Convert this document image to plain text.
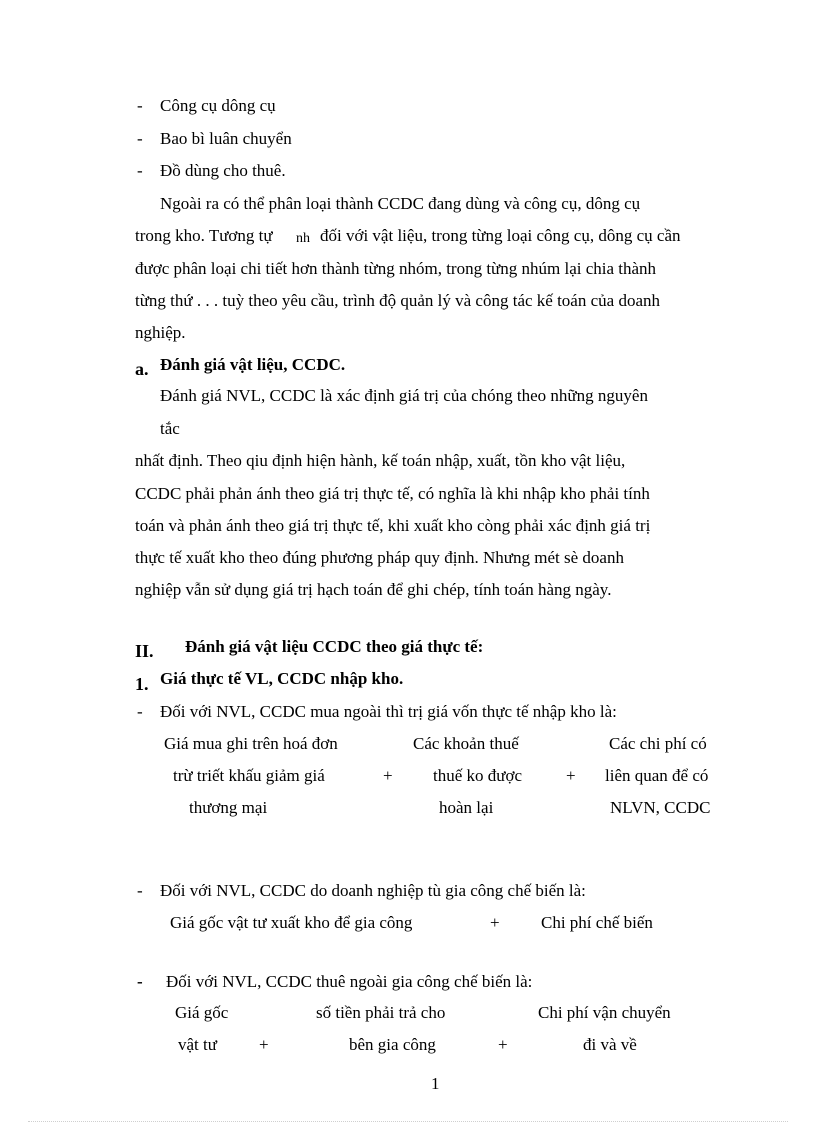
- Công cụ dông cụ
- Bao bì luân chuyển
- Đồ dùng cho thuê.
Ngoài ra có thể phân loại thành CCDC đang dùng và công cụ, dông cụ
trong kho. Tương tự nh đối với vật liệu, trong từng loại công cụ, dông cụ cần
được phân loại chi tiết hơn thành từng nhóm, trong từng nhúm lại chia thành
từng thứ . . . tuỳ theo yêu cầu, trình độ quản lý và công tác kế toán của doanh
nghiệp.
a. Đánh giá vật liệu, CCDC.
Đánh giá NVL, CCDC là xác định giá trị của chóng theo những nguyên
tắc
nhất định. Theo qiu định hiện hành, kế toán nhập, xuất, tồn kho vật liệu,
CCDC phải phản ánh theo giá trị thực tế, có nghĩa là khi nhập kho phải tính
toán và phản ánh theo giá trị thực tế, khi xuất kho còng phải xác định giá trị
thực tế xuất kho theo đúng phương pháp quy định. Nhưng mét sè doanh
nghiệp vẫn sử dụng giá trị hạch toán để ghi chép, tính toán hàng ngày.
II. Đánh giá vật liệu CCDC theo giá thực tế:
1. Giá thực tế VL, CCDC nhập kho.
- Đối với NVL, CCDC mua ngoài thì trị giá vốn thực tế nhập kho là:
Giá mua ghi trên hoá đơn
trừ triết khấu giảm giá
thương mại
+
Các khoản thuế
thuế ko được
hoàn lại
+
Các chi phí có
liên quan để có
NLVN, CCDC
- Đối với NVL, CCDC do doanh nghiệp tù gia công chế biến là:
Giá gốc vật tư xuất kho để gia công	+ Chi phí chế biến
- Đối với NVL, CCDC thuê ngoài gia công chế biến là:
Giá gốc
vật tư +
số tiền phải trả cho
bên gia công	+
Chi phí vận chuyển
đi và về
1
